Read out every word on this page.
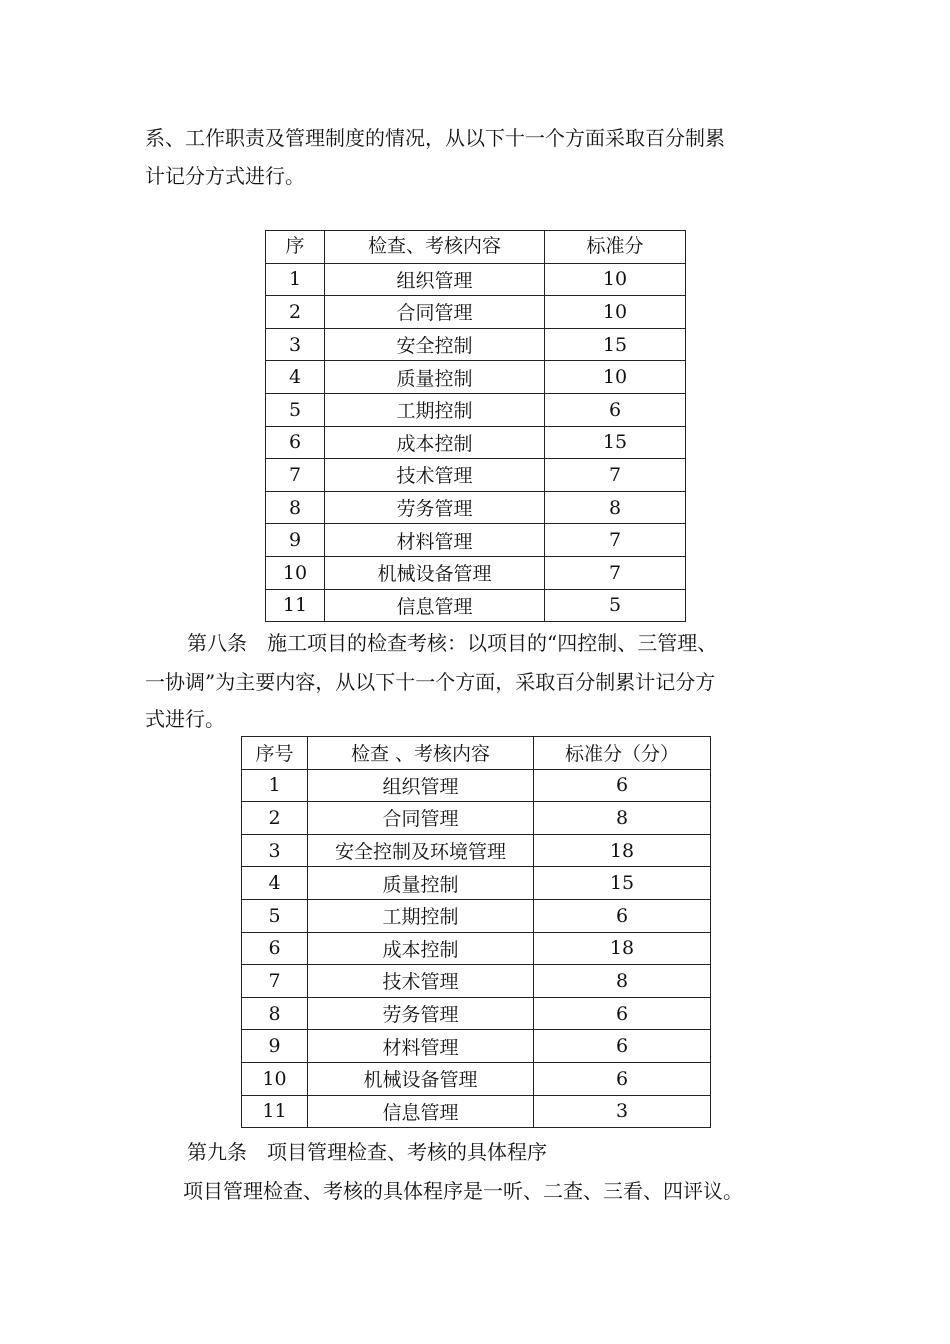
系、工作职责及管理制度的情况，从以下十一个方面采取百分制累

计记分方式进行。

序	检查、考核内容	标准分
1	组织管理	10
2	合同管理	10
3	安全控制	15
4	质量控制	10
5	工期控制	6
6	成本控制	15
7	技术管理	7
8	劳务管理	8
9	材料管理	7
10	机械设备管理	7
11	信息管理	5

第八条　施工项目的检查考核：以项目的“四控制、三管理、

一协调”为主要内容，从以下十一个方面，采取百分制累计记分方

式进行。

序号	检查 、考核内容	标准分（分）
1	组织管理	6
2	合同管理	8
3	安全控制及环境管理	18
4	质量控制	15
5	工期控制	6
6	成本控制	18
7	技术管理	8
8	劳务管理	6
9	材料管理	6
10	机械设备管理	6
11	信息管理	3

第九条　项目管理检查、考核的具体程序

项目管理检查、考核的具体程序是一听、二查、三看、四评议。
